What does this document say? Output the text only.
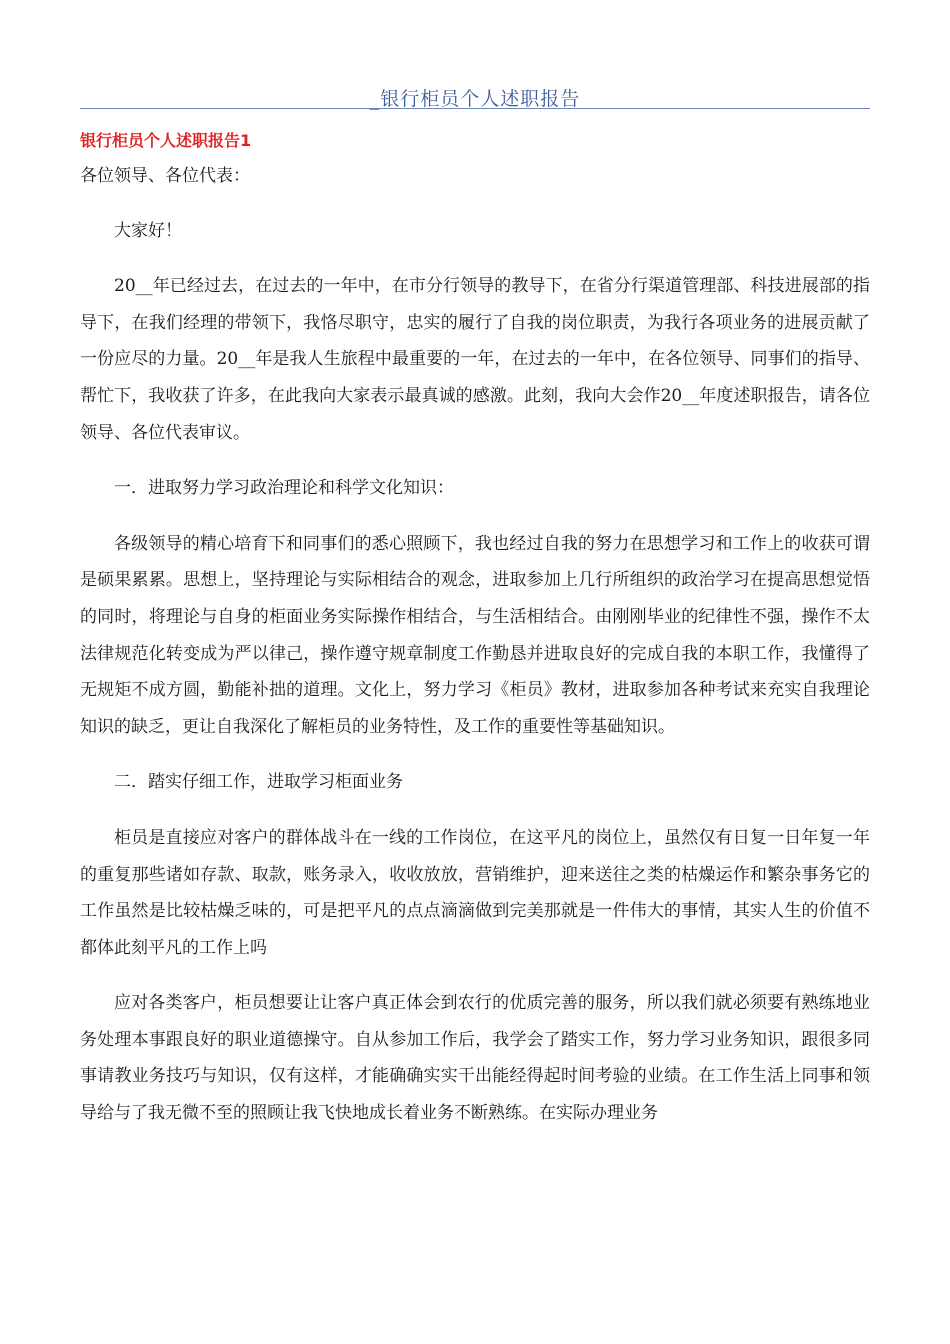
_银行柜员个人述职报告
银行柜员个人述职报告1

各位领导、各位代表：

大家好！

20__年已经过去，在过去的一年中，在市分行领导的教导下，在省分行渠道管理部、科技进展部的指导下，在我们经理的带领下，我恪尽职守，忠实的履行了自我的岗位职责，为我行各项业务的进展贡献了一份应尽的力量。20__年是我人生旅程中最重要的一年，在过去的一年中，在各位领导、同事们的指导、帮忙下，我收获了许多，在此我向大家表示最真诚的感激。此刻，我向大会作20__年度述职报告，请各位领导、各位代表审议。

一．进取努力学习政治理论和科学文化知识：

各级领导的精心培育下和同事们的悉心照顾下，我也经过自我的努力在思想学习和工作上的收获可谓是硕果累累。思想上，坚持理论与实际相结合的观念，进取参加上几行所组织的政治学习在提高思想觉悟的同时，将理论与自身的柜面业务实际操作相结合，与生活相结合。由刚刚毕业的纪律性不强，操作不太法律规范化转变成为严以律己，操作遵守规章制度工作勤恳并进取良好的完成自我的本职工作，我懂得了无规矩不成方圆，勤能补拙的道理。文化上，努力学习《柜员》教材，进取参加各种考试来充实自我理论知识的缺乏，更让自我深化了解柜员的业务特性，及工作的重要性等基础知识。

二．踏实仔细工作，进取学习柜面业务

柜员是直接应对客户的群体战斗在一线的工作岗位，在这平凡的岗位上，虽然仅有日复一日年复一年的重复那些诸如存款、取款，账务录入，收收放放，营销维护，迎来送往之类的枯燥运作和繁杂事务它的工作虽然是比较枯燥乏味的，可是把平凡的点点滴滴做到完美那就是一件伟大的事情，其实人生的价值不都体此刻平凡的工作上吗

应对各类客户，柜员想要让让客户真正体会到农行的优质完善的服务，所以我们就必须要有熟练地业务处理本事跟良好的职业道德操守。自从参加工作后，我学会了踏实工作，努力学习业务知识，跟很多同事请教业务技巧与知识，仅有这样，才能确确实实干出能经得起时间考验的业绩。在工作生活上同事和领导给与了我无微不至的照顾让我飞快地成长着业务不断熟练。在实际办理业务
